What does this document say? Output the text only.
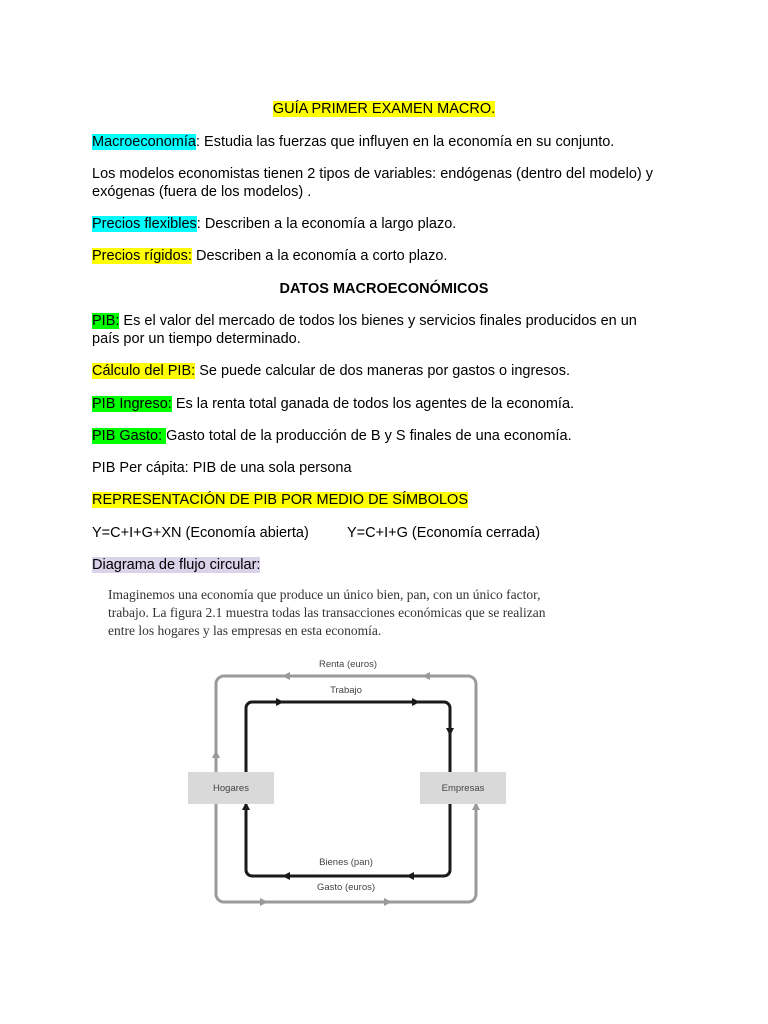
GUÍA PRIMER EXAMEN MACRO.
Macroeconomía: Estudia las fuerzas que influyen en la economía en su conjunto.
Los modelos economistas tienen 2 tipos de variables: endógenas (dentro del modelo) y exógenas (fuera de los modelos) .
Precios flexibles: Describen a la economía a largo plazo.
Precios rígidos: Describen a la economía a corto plazo.
DATOS MACROECONÓMICOS
PIB: Es el valor del mercado de todos los bienes y servicios finales producidos en un país por un tiempo determinado.
Cálculo del PIB: Se puede calcular de dos maneras por gastos o ingresos.
PIB Ingreso: Es la renta total ganada de todos los agentes de la economía.
PIB Gasto: Gasto total de la producción de B y S finales de una economía.
PIB Per cápita: PIB de una sola persona
REPRESENTACIÓN DE PIB POR MEDIO DE SÍMBOLOS
Y=C+I+G+XN (Economía abierta)	Y=C+I+G (Economía cerrada)
Diagrama de flujo circular:
Imaginemos una economía que produce un único bien, pan, con un único factor,
trabajo. La figura 2.1 muestra todas las transacciones económicas que se realizan
entre los hogares y las empresas en esta economía.
Renta (euros)
Trabajo
Bienes (pan)
Gasto (euros)
Hogares	Empresas
